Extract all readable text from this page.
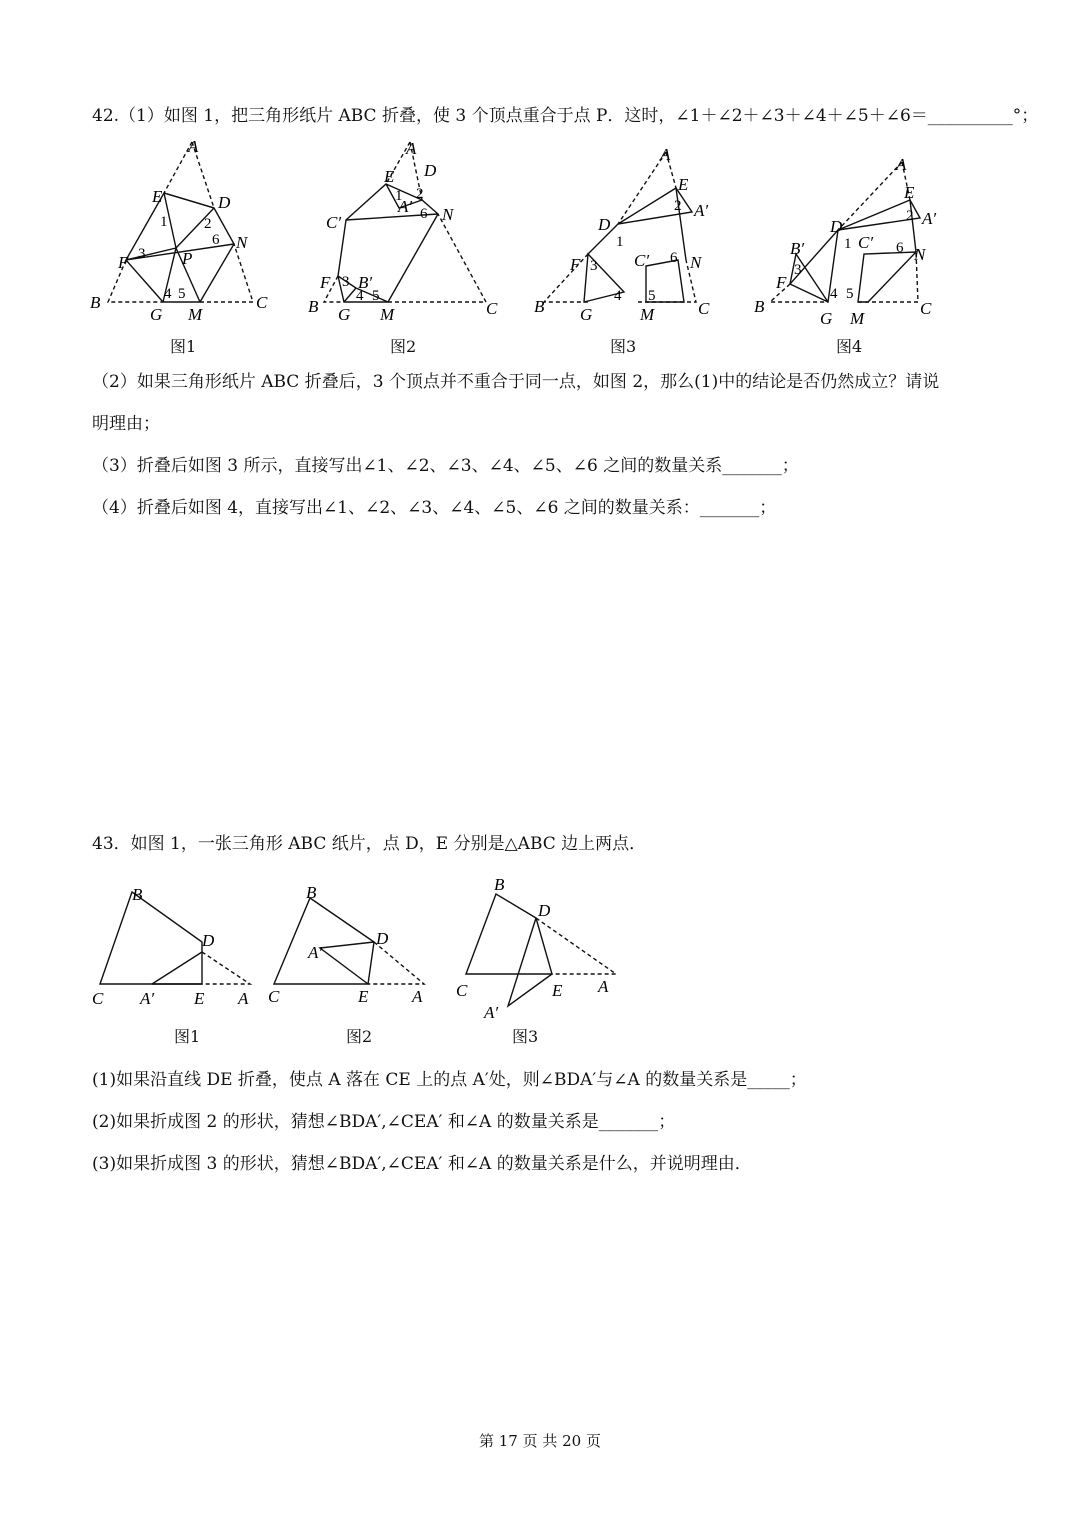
42.（1）如图 1，把三角形纸片 ABC 折叠，使 3 个顶点重合于点 P．这时，∠1＋∠2＋∠3＋∠4＋∠5＋∠6＝__________°；
A
B	C
D
E
F
G M
N
P
1 2
3
4 5
6
A
D
E
A′
C′	N
F B′
B	C
G M
1 2
3
4 5
6
A
E
A′
D
C′ N
F
B	C
G	M
1
2
3
4 5
6
A
E
A′
D
C′
B′	N
F
B	C
G M
1
2
3
4 5
6
图1	图2	图3	图4
（2）如果三角形纸片 ABC 折叠后，3 个顶点并不重合于同一点，如图 2，那么(1)中的结论是否仍然成立？请说
明理由；
（3）折叠后如图 3 所示，直接写出∠1、∠2、∠3、∠4、∠5、∠6 之间的数量关系_______；
（4）折叠后如图 4，直接写出∠1、∠2、∠3、∠4、∠5、∠6 之间的数量关系：_______；
43．如图 1，一张三角形 ABC 纸片，点 D，E 分别是△ABC 边上两点．
B
D
C A′ E A
B
D
A′
C	E	A
B
D
C	E A
A′
图1	图2	图3
(1)如果沿直线 DE 折叠，使点 A 落在 CE 上的点 A′处，则∠BDA′与∠A 的数量关系是_____；
(2)如果折成图 2 的形状，猜想∠BDA′,∠CEA′ 和∠A 的数量关系是_______；
(3)如果折成图 3 的形状，猜想∠BDA′,∠CEA′ 和∠A 的数量关系是什么，并说明理由．
第 17 页 共 20 页
